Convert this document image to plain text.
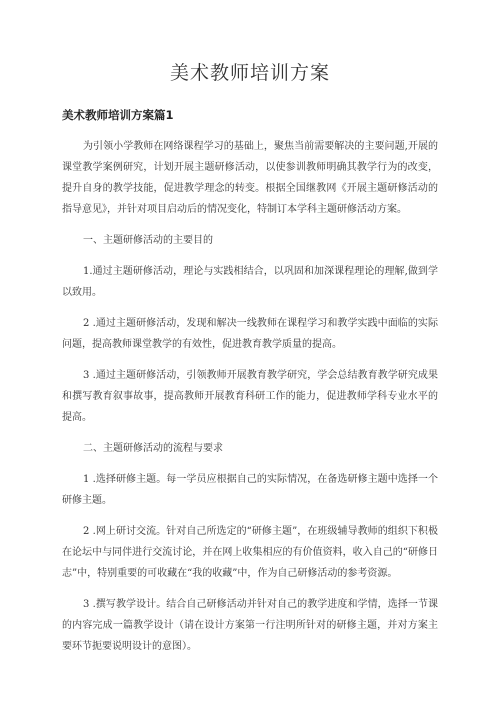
美术教师培训方案
美术教师培训方案篇1

为引领小学教师在网络课程学习的基础上，聚焦当前需要解决的主要问题,开展的课堂教学案例研究，计划开展主题研修活动，以使参训教师明确其教学行为的改变，提升自身的教学技能，促进教学理念的转变。根据全国继教网《开展主题研修活动的指导意见》，并针对项目启动后的情况变化，特制订本学科主题研修活动方案。

一、主题研修活动的主要目的

1.通过主题研修活动，理论与实践相结合，以巩固和加深课程理论的理解,做到学以致用。

2 .通过主题研修活动，发现和解决一线教师在课程学习和教学实践中面临的实际问题，提高教师课堂教学的有效性，促进教育教学质量的提高。

3 .通过主题研修活动，引领教师开展教育教学研究，学会总结教育教学研究成果和撰写教育叙事故事，提高教师开展教育科研工作的能力，促进教师学科专业水平的提高。

二、主题研修活动的流程与要求

1 .选择研修主题。每一学员应根据自己的实际情况，在备选研修主题中选择一个研修主题。

2 .网上研讨交流。针对自己所选定的“研修主题”，在班级辅导教师的组织下积极在论坛中与同伴进行交流讨论，并在网上收集相应的有价值资料，收入自己的“研修日志”中，特别重要的可收藏在“我的收藏”中，作为自己研修活动的参考资源。

3 .撰写教学设计。结合自己研修活动并针对自己的教学进度和学情，选择一节课的内容完成一篇教学设计（请在设计方案第一行注明所针对的研修主题，并对方案主要环节扼要说明设计的意图）。
